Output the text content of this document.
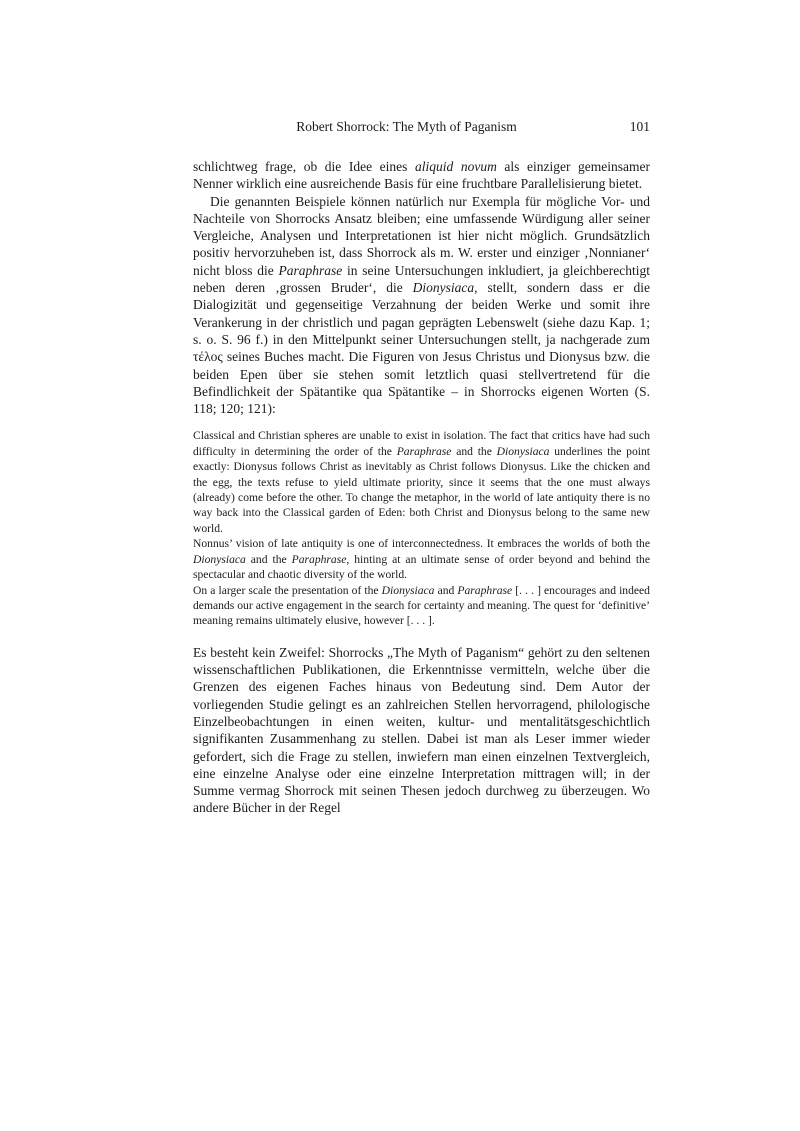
Robert Shorrock: The Myth of Paganism	101

schlichtweg frage, ob die Idee eines aliquid novum als einziger gemeinsamer Nenner wirklich eine ausreichende Basis für eine fruchtbare Parallelisierung bietet.

Die genannten Beispiele können natürlich nur Exempla für mögliche Vor- und Nachteile von Shorrocks Ansatz bleiben; eine umfassende Würdigung aller seiner Vergleiche, Analysen und Interpretationen ist hier nicht möglich. Grundsätzlich positiv hervorzuheben ist, dass Shorrock als m. W. erster und einziger ‚Nonnianer‘ nicht bloss die Paraphrase in seine Untersuchungen inkludiert, ja gleichberechtigt neben deren ‚grossen Bruder‘, die Dionysiaca, stellt, sondern dass er die Dialogizität und gegenseitige Verzahnung der beiden Werke und somit ihre Verankerung in der christlich und pagan geprägten Lebenswelt (siehe dazu Kap. 1; s. o. S. 96 f.) in den Mittelpunkt seiner Untersuchungen stellt, ja nachgerade zum τέλος seines Buches macht. Die Figuren von Jesus Christus und Dionysus bzw. die beiden Epen über sie stehen somit letztlich quasi stellvertretend für die Befindlichkeit der Spätantike qua Spätantike – in Shorrocks eigenen Worten (S. 118; 120; 121):

Classical and Christian spheres are unable to exist in isolation. The fact that critics have had such difficulty in determining the order of the Paraphrase and the Dionysiaca underlines the point exactly: Dionysus follows Christ as inevitably as Christ follows Dionysus. Like the chicken and the egg, the texts refuse to yield ultimate priority, since it seems that the one must always (already) come before the other. To change the metaphor, in the world of late antiquity there is no way back into the Classical garden of Eden: both Christ and Dionysus belong to the same new world.

Nonnus’ vision of late antiquity is one of interconnectedness. It embraces the worlds of both the Dionysiaca and the Paraphrase, hinting at an ultimate sense of order beyond and behind the spectacular and chaotic diversity of the world.

On a larger scale the presentation of the Dionysiaca and Paraphrase [. . . ] encourages and indeed demands our active engagement in the search for certainty and meaning. The quest for ‘definitive’ meaning remains ultimately elusive, however [. . . ].

Es besteht kein Zweifel: Shorrocks „The Myth of Paganism“ gehört zu den seltenen wissenschaftlichen Publikationen, die Erkenntnisse vermitteln, welche über die Grenzen des eigenen Faches hinaus von Bedeutung sind. Dem Autor der vorliegenden Studie gelingt es an zahlreichen Stellen hervorragend, philologische Einzelbeobachtungen in einen weiten, kultur- und mentalitätsgeschichtlich signifikanten Zusammenhang zu stellen. Dabei ist man als Leser immer wieder gefordert, sich die Frage zu stellen, inwiefern man einen einzelnen Textvergleich, eine einzelne Analyse oder eine einzelne Interpretation mittragen will; in der Summe vermag Shorrock mit seinen Thesen jedoch durchweg zu überzeugen. Wo andere Bücher in der Regel
